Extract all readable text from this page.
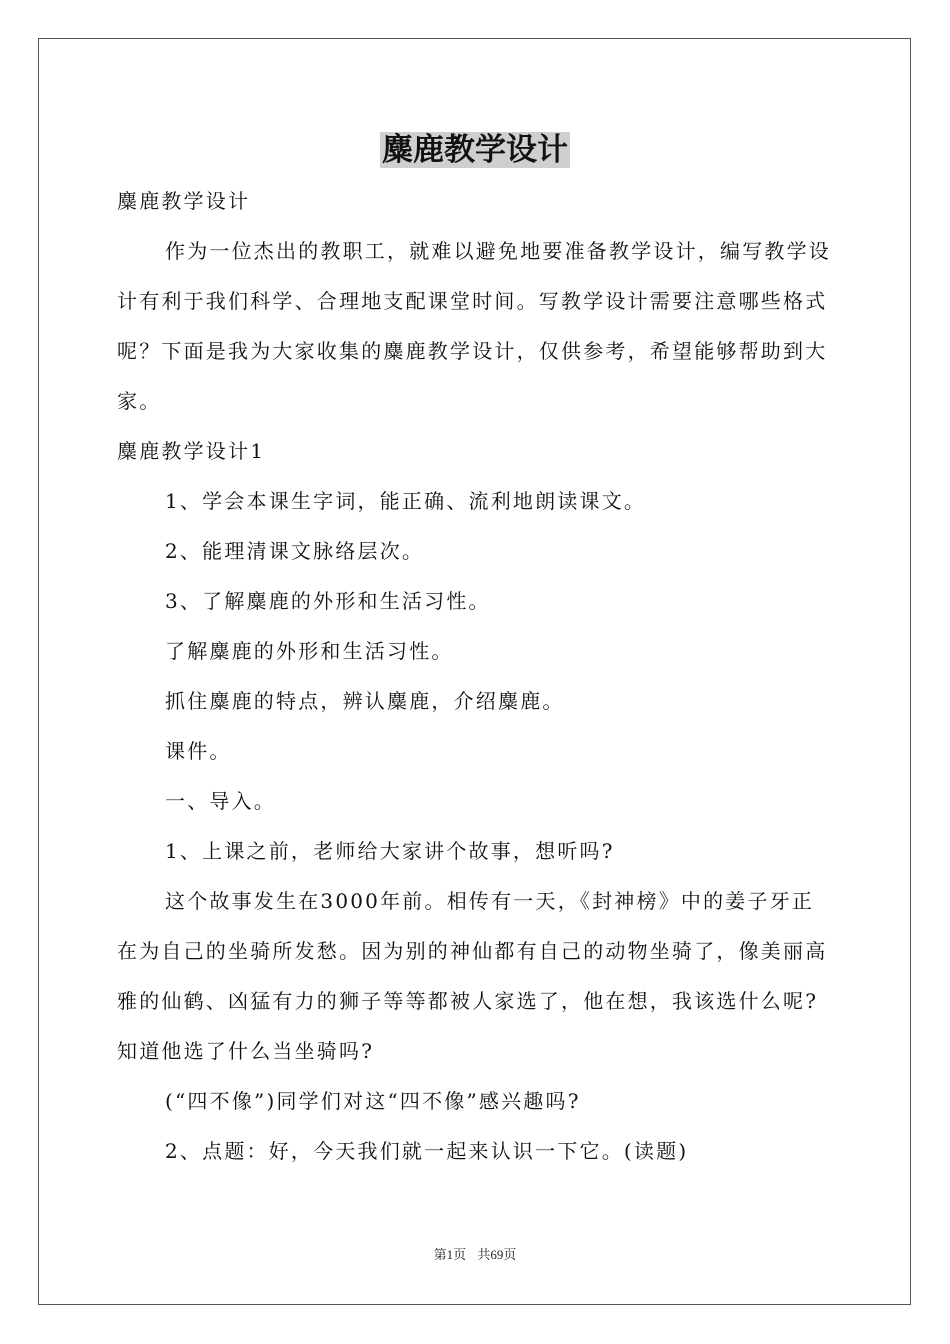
麋鹿教学设计

麋鹿教学设计

作为一位杰出的教职工，就难以避免地要准备教学设计，编写教学设计有利于我们科学、合理地支配课堂时间。写教学设计需要注意哪些格式呢？下面是我为大家收集的麋鹿教学设计，仅供参考，希望能够帮助到大家。

麋鹿教学设计1

1、学会本课生字词，能正确、流利地朗读课文。

2、能理清课文脉络层次。

3、了解麋鹿的外形和生活习性。

了解麋鹿的外形和生活习性。

抓住麋鹿的特点，辨认麋鹿，介绍麋鹿。

课件。

一、导入。

1、上课之前，老师给大家讲个故事，想听吗?

这个故事发生在3000年前。相传有一天，《封神榜》中的姜子牙正在为自己的坐骑所发愁。因为别的神仙都有自己的动物坐骑了，像美丽高雅的仙鹤、凶猛有力的狮子等等都被人家选了，他在想，我该选什么呢?知道他选了什么当坐骑吗?

(“四不像”)同学们对这“四不像”感兴趣吗?

2、点题：好，今天我们就一起来认识一下它。(读题)

第1页 共69页
